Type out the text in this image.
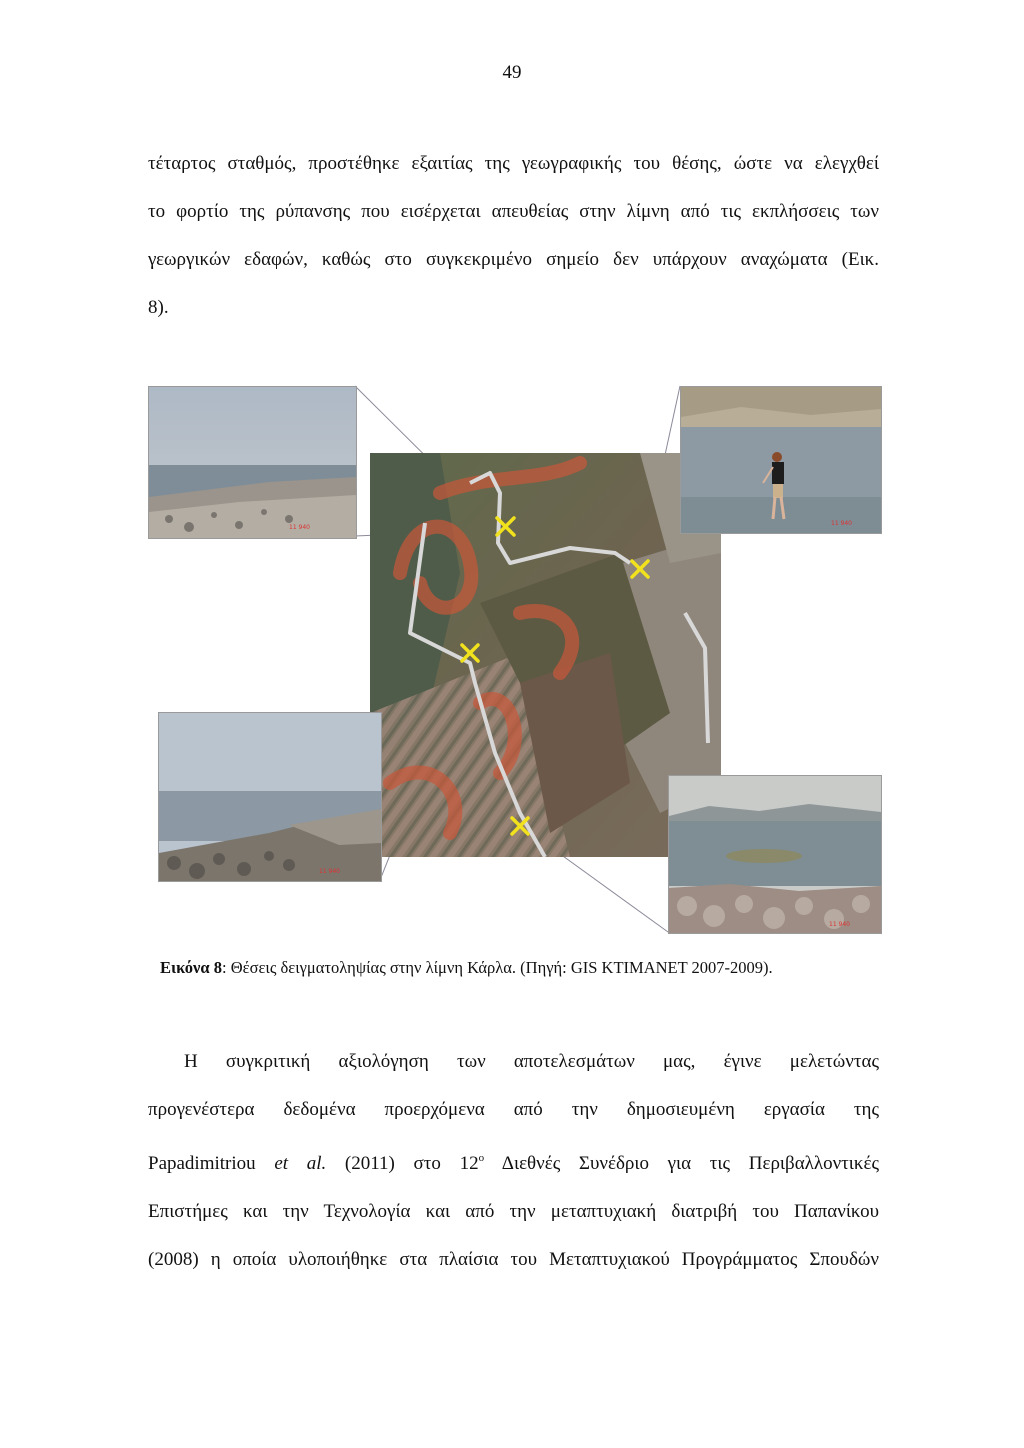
49
τέταρτος σταθμός, προστέθηκε εξαιτίας της γεωγραφικής του θέσης, ώστε να ελεγχθεί
το φορτίο της ρύπανσης που εισέρχεται απευθείας στην λίμνη από τις εκπλήσσεις των
γεωργικών εδαφών, καθώς στο συγκεκριμένο σημείο δεν υπάρχουν αναχώματα (Εικ.
8).
11 940
11 940
11 940
11 940
Εικόνα 8: Θέσεις δειγματοληψίας στην λίμνη Κάρλα. (Πηγή: GIS KTIMANET 2007-2009).
Η συγκριτική αξιολόγηση των αποτελεσμάτων μας, έγινε μελετώντας
προγενέστερα δεδομένα προερχόμενα από την δημοσιευμένη εργασία της
Papadimitriou et al. (2011) στο $12^o$ Διεθνές Συνέδριο για τις Περιβαλλοντικές
Επιστήμες και την Τεχνολογία και από την μεταπτυχιακή διατριβή του Παπανίκου
(2008) η οποία υλοποιήθηκε στα πλαίσια του Μεταπτυχιακού Προγράμματος Σπουδών
